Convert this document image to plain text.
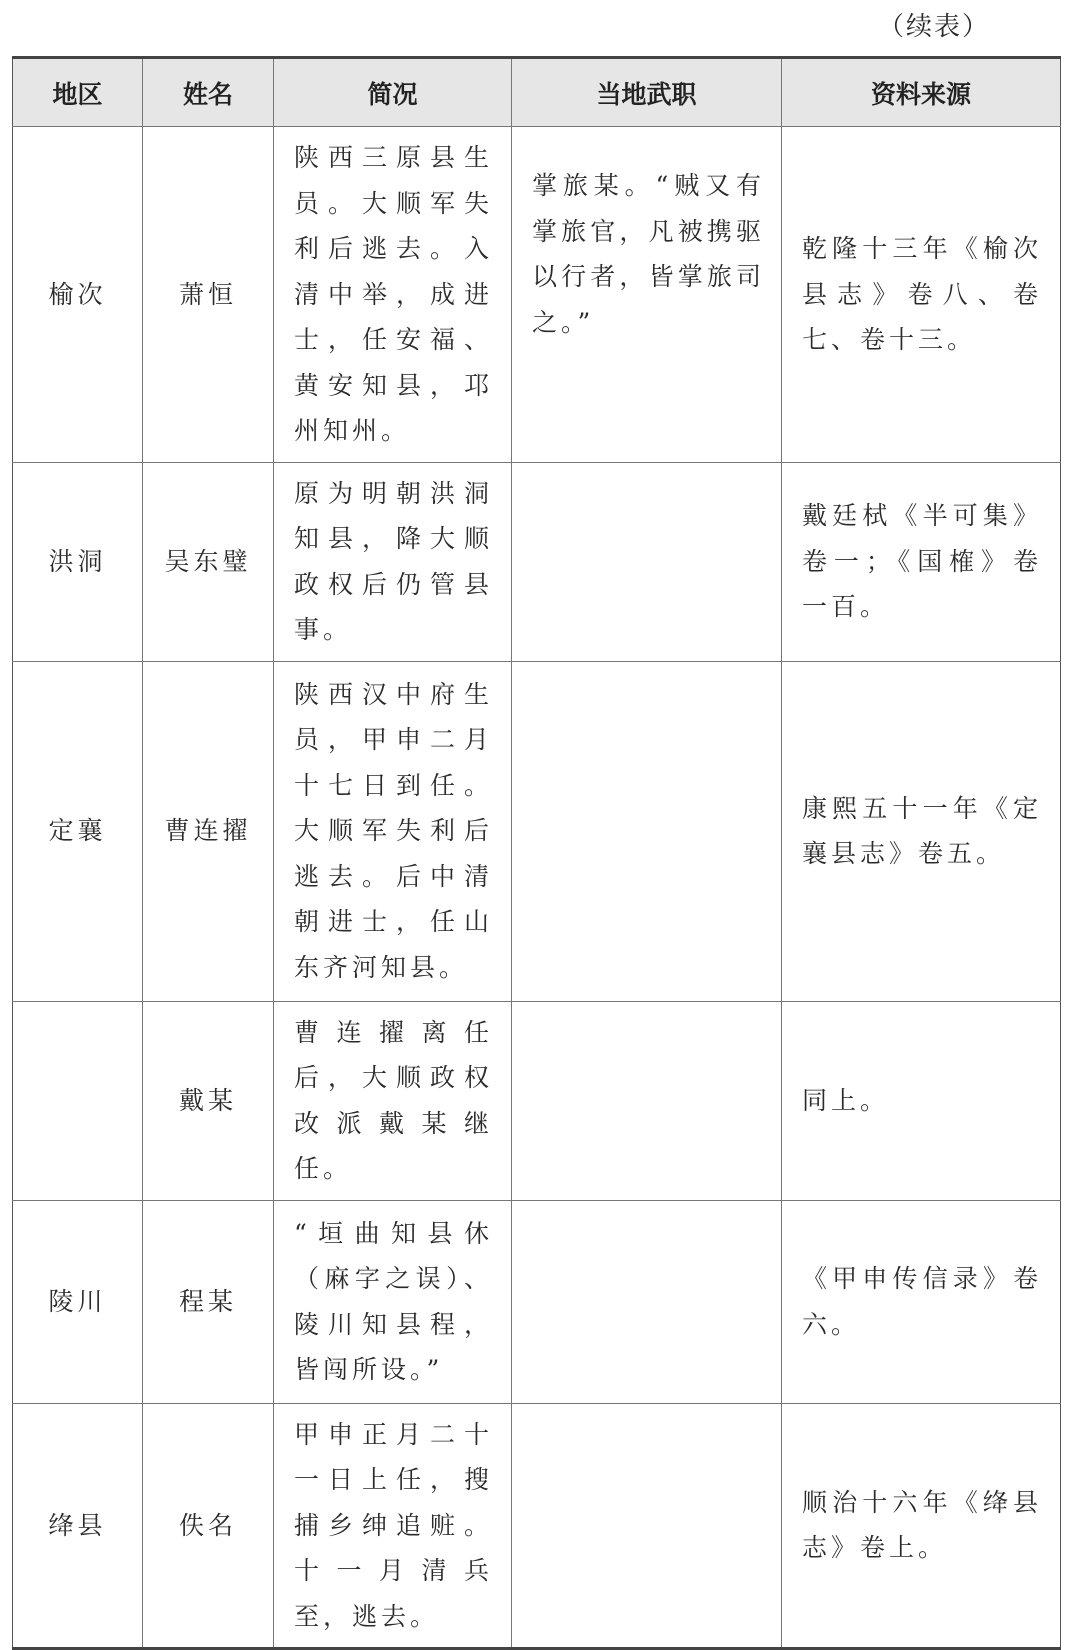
（续表）
地区	姓名	简况	当地武职	资料来源
榆次	萧恒	陕西三原县生员。大顺军失利后逃去。入清中举，成进士，任安福、黄安知县，邛州知州。	掌旅某。“贼又有掌旅官，凡被携驱以行者，皆掌旅司之。”	乾隆十三年《榆次县志》卷八、卷七、卷十三。
洪洞	吴东璧	原为明朝洪洞知县，降大顺政权后仍管县事。		戴廷栻《半可集》卷一；《国榷》卷一百。
定襄	曹连擢	陕西汉中府生员，甲申二月十七日到任。大顺军失利后逃去。后中清朝进士，任山东齐河知县。		康熙五十一年《定襄县志》卷五。
	戴某	曹连擢离任后，大顺政权改派戴某继任。		同上。
陵川	程某	“垣曲知县休（麻字之误）、陵川知县程，皆闯所设。”		《甲申传信录》卷六。
绛县	佚名	甲申正月二十一日上任，搜捕乡绅追赃。十一月清兵至，逃去。		顺治十六年《绛县志》卷上。
